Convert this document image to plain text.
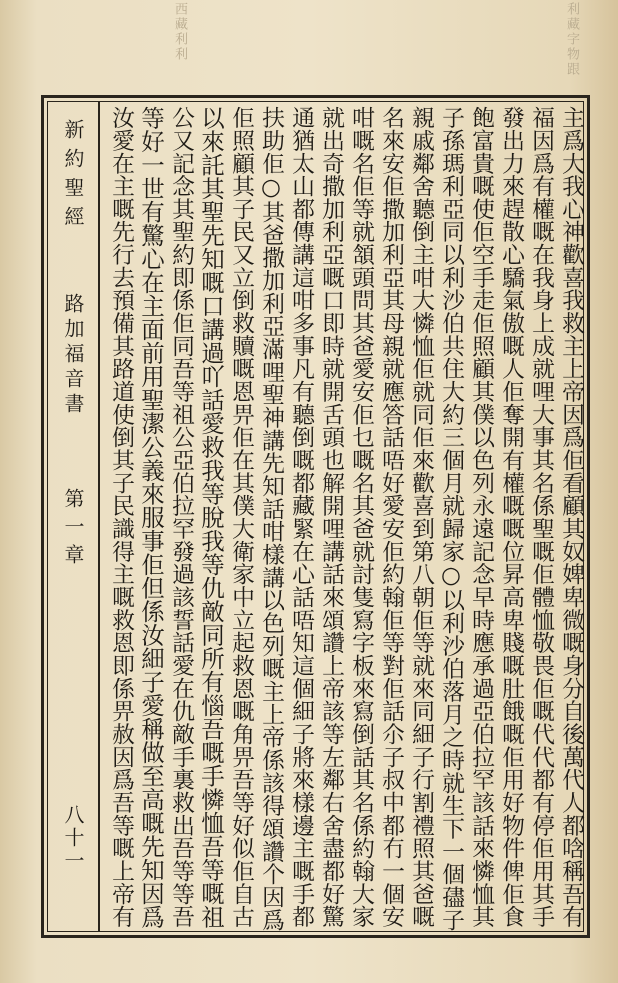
西藏利利	利藏字物跟
新約聖經路加福音書第一章八十一	主爲大我心神歡喜我救主上帝因爲佢看顧其奴婢卑微嘅身分自後萬代人都唅稱吾有
福因爲有權嘅在我身上成就哩大事其名係聖嘅佢體恤敬畏佢嘅代代都有停佢用其手
發出力來趕散心驕氣傲嘅人佢奪開有權嘅嘅位昇高卑賤嘅肚餓嘅佢用好物件俾佢食
飽富貴嘅使佢空手走佢照顧其僕以色列永遠記念早時應承過亞伯拉罕該話來憐恤其
子孫瑪利亞同以利沙伯共住大約三個月就歸家○以利沙伯落月之時就生下一個孻子
親戚鄰舍聽倒主咁大憐恤佢就同佢來歡喜到第八朝佢等就來同細子行割禮照其爸嘅
名來安佢撒加利亞其母親就應答話唔好愛安佢約翰佢等對佢話尒子叔中都冇一個安
咁嘅名佢等就頷頭問其爸愛安佢乜嘅名其爸就討隻寫字板來寫倒話其名係約翰大家
就出奇撒加利亞嘅口即時就開舌頭也解開哩講話來頌讚上帝該等左鄰右舍盡都好驚
通猶太山都傳講這咁多事凡有聽倒嘅都藏緊在心話唔知這個細子將來樣邊主嘅手都
扶助佢○其爸撒加利亞滿哩聖神講先知話咁樣講以色列嘅主上帝係該得頌讚个因爲
佢照顧其子民又立倒救贖嘅恩畀佢在其僕大衛家中立起救恩嘅角畀吾等好似佢自古
以來託其聖先知嘅口講過吖話愛救我等脫我等仇敵同所有惱吾嘅手憐恤吾等嘅祖
公又記念其聖約即係佢同吾等祖公亞伯拉罕發過該誓話愛在仇敵手裏救出吾等等吾
等好一世有驚心在主面前用聖潔公義來服事佢但係汝細子愛稱做至高嘅先知因爲
汝愛在主嘅先行去預備其路道使倒其子民識得主嘅救恩即係畀赦因爲吾等嘅上帝有
